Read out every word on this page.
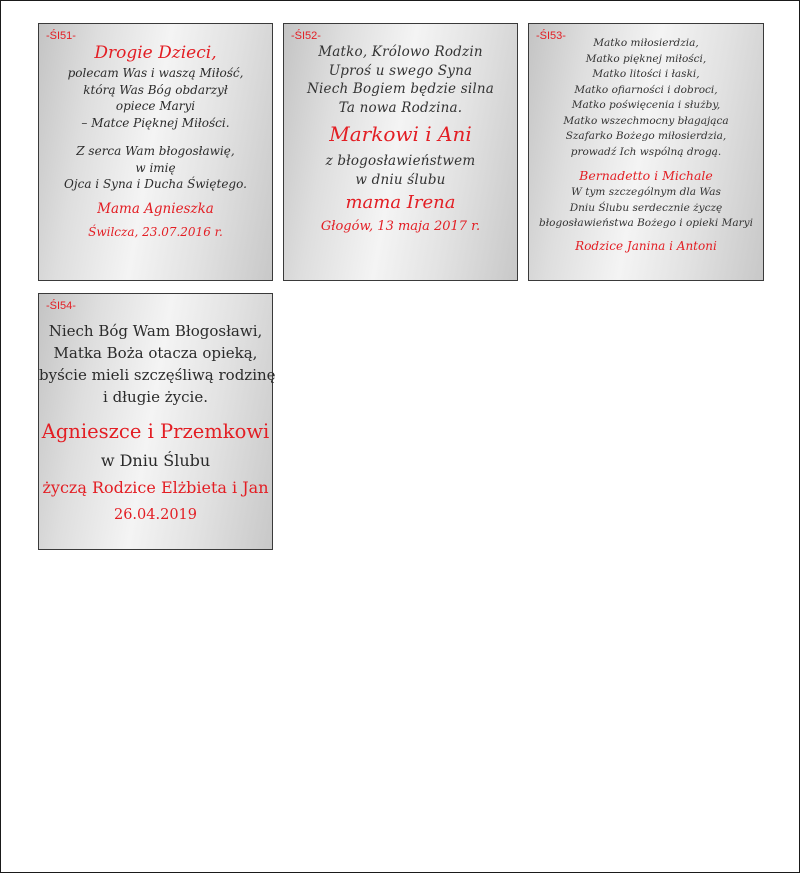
-ŚI51-
Drogie Dzieci,
polecam Was i waszą Miłość,
którą Was Bóg obdarzył
opiece Maryi
– Matce Pięknej Miłości.
Z serca Wam błogosławię,
w imię
Ojca i Syna i Ducha Świętego.
Mama Agnieszka
Świlcza, 23.07.2016 r.
-ŚI52-
Matko, Królowo Rodzin
Uproś u swego Syna
Niech Bogiem będzie silna
Ta nowa Rodzina.
Markowi i Ani
z błogosławieństwem
w dniu ślubu
mama Irena
Głogów, 13 maja 2017 r.
-ŚI53-
Matko miłosierdzia,
Matko pięknej miłości,
Matko litości i łaski,
Matko ofiarności i dobroci,
Matko poświęcenia i służby,
Matko wszechmocny błagająca
Szafarko Bożego miłosierdzia,
prowadź Ich wspólną drogą.
Bernadetto i Michale
W tym szczególnym dla Was
Dniu Ślubu serdecznie życzę
błogosławieństwa Bożego i opieki Maryi
Rodzice Janina i Antoni
-ŚI54-
Niech Bóg Wam Błogosławi,
Matka Boża otacza opieką,
byście mieli szczęśliwą rodzinę
i długie życie.
Agnieszce i Przemkowi
w Dniu Ślubu
życzą Rodzice Elżbieta i Jan
26.04.2019
